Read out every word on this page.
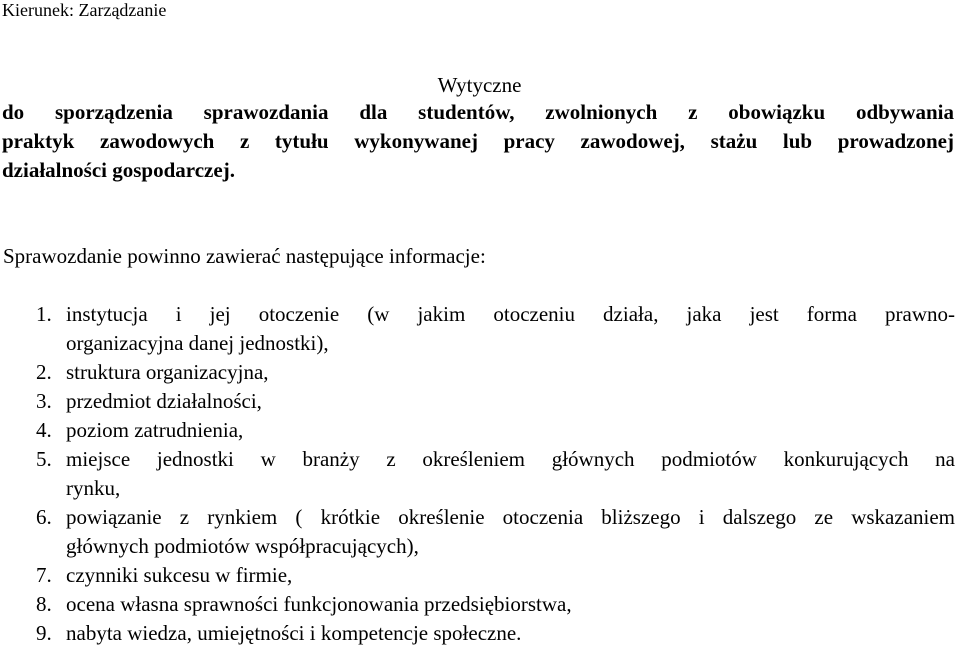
Kierunek: Zarządzanie
Wytyczne
do sporządzenia sprawozdania dla studentów, zwolnionych z obowiązku odbywania
praktyk zawodowych z tytułu wykonywanej pracy zawodowej, stażu lub prowadzonej
działalności gospodarczej.
Sprawozdanie powinno zawierać następujące informacje:
1. instytucja i jej otoczenie (w jakim otoczeniu działa, jaka jest forma prawno-
organizacyjna danej jednostki),
2. struktura organizacyjna,
3. przedmiot działalności,
4. poziom zatrudnienia,
5. miejsce jednostki w branży z określeniem głównych podmiotów konkurujących na
rynku,
6. powiązanie z rynkiem ( krótkie określenie otoczenia bliższego i dalszego ze wskazaniem
głównych podmiotów współpracujących),
7. czynniki sukcesu w firmie,
8. ocena własna sprawności funkcjonowania przedsiębiorstwa,
9. nabyta wiedza, umiejętności i kompetencje społeczne.
